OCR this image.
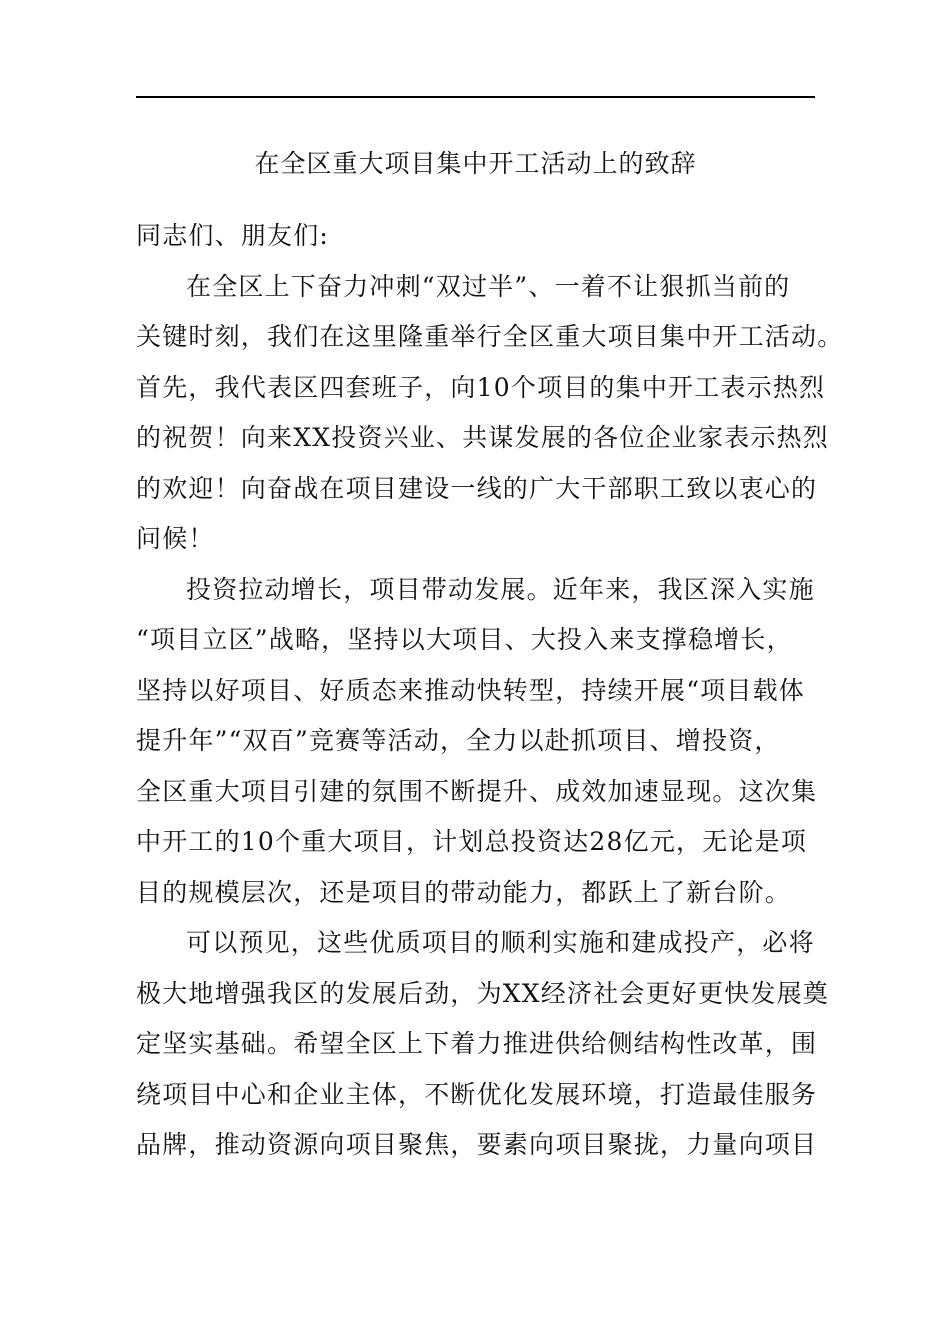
在全区重大项目集中开工活动上的致辞
同志们、朋友们:
在全区上下奋力冲刺“双过半”、一着不让狠抓当前的
关键时刻，我们在这里隆重举行全区重大项目集中开工活动。
首先，我代表区四套班子，向10个项目的集中开工表示热烈
的祝贺！向来XX投资兴业、共谋发展的各位企业家表示热烈
的欢迎！向奋战在项目建设一线的广大干部职工致以衷心的
问候！
投资拉动增长，项目带动发展。近年来，我区深入实施
“项目立区”战略，坚持以大项目、大投入来支撑稳增长，
坚持以好项目、好质态来推动快转型，持续开展“项目载体
提升年”“双百”竞赛等活动，全力以赴抓项目、增投资，
全区重大项目引建的氛围不断提升、成效加速显现。这次集
中开工的10个重大项目，计划总投资达28亿元，无论是项
目的规模层次，还是项目的带动能力，都跃上了新台阶。
可以预见，这些优质项目的顺利实施和建成投产，必将
极大地增强我区的发展后劲，为XX经济社会更好更快发展奠
定坚实基础。希望全区上下着力推进供给侧结构性改革，围
绕项目中心和企业主体，不断优化发展环境，打造最佳服务
品牌，推动资源向项目聚焦，要素向项目聚拢，力量向项目
